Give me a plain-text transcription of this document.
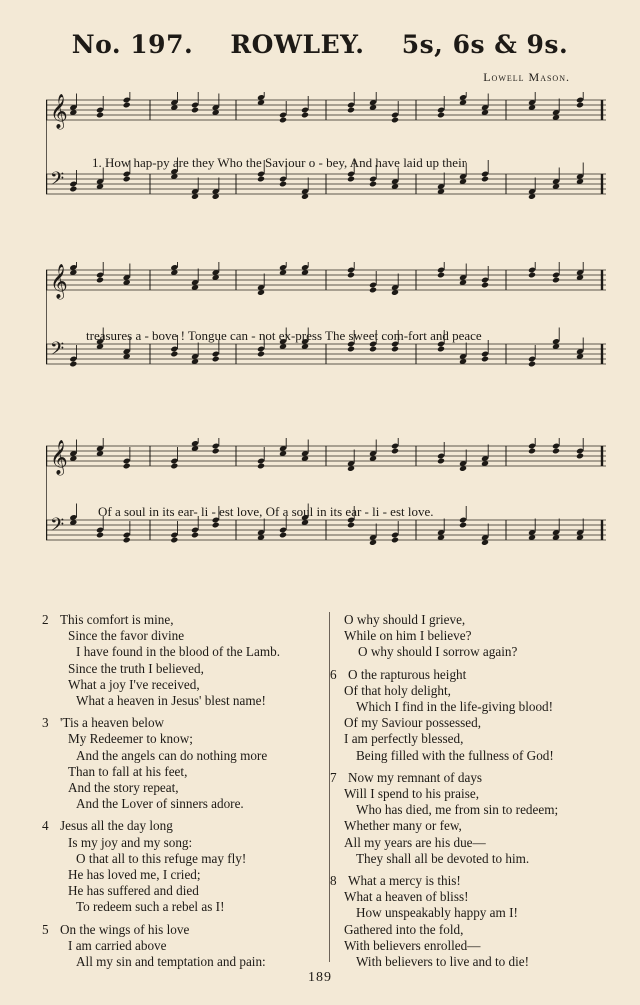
No. 197. ROWLEY. 5s, 6s & 9s.
Lowell Mason.
𝄞
𝄢
1. How hap-py are they Who the Saviour o - bey, And have laid up their
𝄞
𝄢
treasures a - bove ! Tongue can - not ex-press The sweet com-fort and peace
𝄞
𝄢
Of a soul in its ear- li - est love, Of a soul in its ear - li - est love.
2 This comfort is mine,
Since the favor divine
I have found in the blood of the Lamb.
Since the truth I believed,
What a joy I've received,
What a heaven in Jesus' blest name!
3 'Tis a heaven below
My Redeemer to know;
And the angels can do nothing more
Than to fall at his feet,
And the story repeat,
And the Lover of sinners adore.
4 Jesus all the day long
Is my joy and my song:
O that all to this refuge may fly!
He has loved me, I cried;
He has suffered and died
To redeem such a rebel as I!
5 On the wings of his love
I am carried above
All my sin and temptation and pain:
O why should I grieve,
While on him I believe?
O why should I sorrow again?
6 O the rapturous height
Of that holy delight,
Which I find in the life-giving blood!
Of my Saviour possessed,
I am perfectly blessed,
Being filled with the fullness of God!
7 Now my remnant of days
Will I spend to his praise,
Who has died, me from sin to redeem;
Whether many or few,
All my years are his due—
They shall all be devoted to him.
8 What a mercy is this!
What a heaven of bliss!
How unspeakably happy am I!
Gathered into the fold,
With believers enrolled—
With believers to live and to die!
189
